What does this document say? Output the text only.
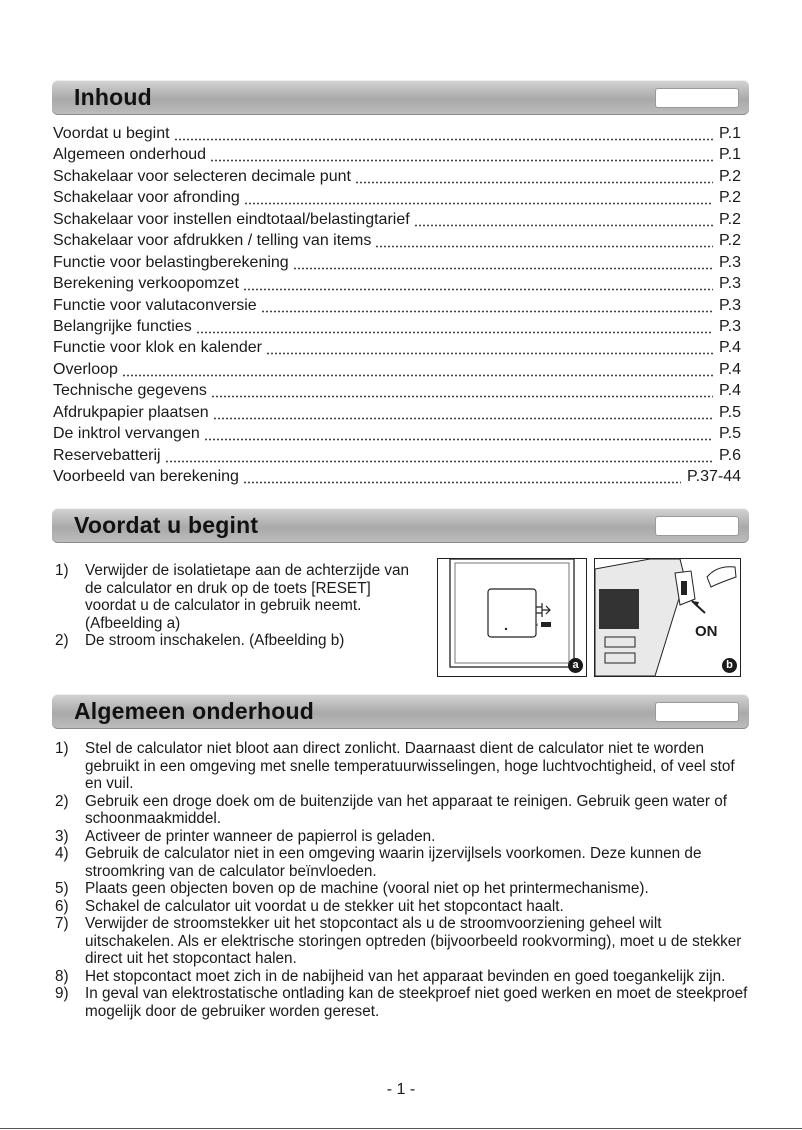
Inhoud
Voordat u begint	P.1
Algemeen onderhoud	P.1
Schakelaar voor selecteren decimale punt	P.2
Schakelaar voor afronding	P.2
Schakelaar voor instellen eindtotaal/belastingtarief	P.2
Schakelaar voor afdrukken / telling van items	P.2
Functie voor belastingberekening	P.3
Berekening verkoopomzet	P.3
Functie voor valutaconversie	P.3
Belangrijke functies	P.3
Functie voor klok en kalender	P.4
Overloop	P.4
Technische gegevens	P.4
Afdrukpapier plaatsen	P.5
De inktrol vervangen	P.5
Reservebatterij	P.6
Voorbeeld van berekening	P.37-44
Voordat u begint
1)	Verwijder de isolatietape aan de achterzijde van de calculator en druk op de toets [RESET] voordat u de calculator in gebruik neemt. (Afbeelding a)
2)	De stroom inschakelen. (Afbeelding b)
×
a
ON
b
Algemeen onderhoud
1)	Stel de calculator niet bloot aan direct zonlicht. Daarnaast dient de calculator niet te worden gebruikt in een omgeving met snelle temperatuurwisselingen, hoge luchtvochtigheid, of veel stof en vuil.
2)	Gebruik een droge doek om de buitenzijde van het apparaat te reinigen. Gebruik geen water of schoonmaakmiddel.
3)	Activeer de printer wanneer de papierrol is geladen.
4)	Gebruik de calculator niet in een omgeving waarin ijzervijlsels voorkomen. Deze kunnen de stroomkring van de calculator beïnvloeden.
5)	Plaats geen objecten boven op de machine (vooral niet op het printermechanisme).
6)	Schakel de calculator uit voordat u de stekker uit het stopcontact haalt.
7)	Verwijder de stroomstekker uit het stopcontact als u de stroomvoorziening geheel wilt uitschakelen. Als er elektrische storingen optreden (bijvoorbeeld rookvorming), moet u de stekker direct uit het stopcontact halen.
8)	Het stopcontact moet zich in de nabijheid van het apparaat bevinden en goed toegankelijk zijn.
9)	In geval van elektrostatische ontlading kan de steekproef niet goed werken en moet de steekproef mogelijk door de gebruiker worden gereset.
- 1 -
